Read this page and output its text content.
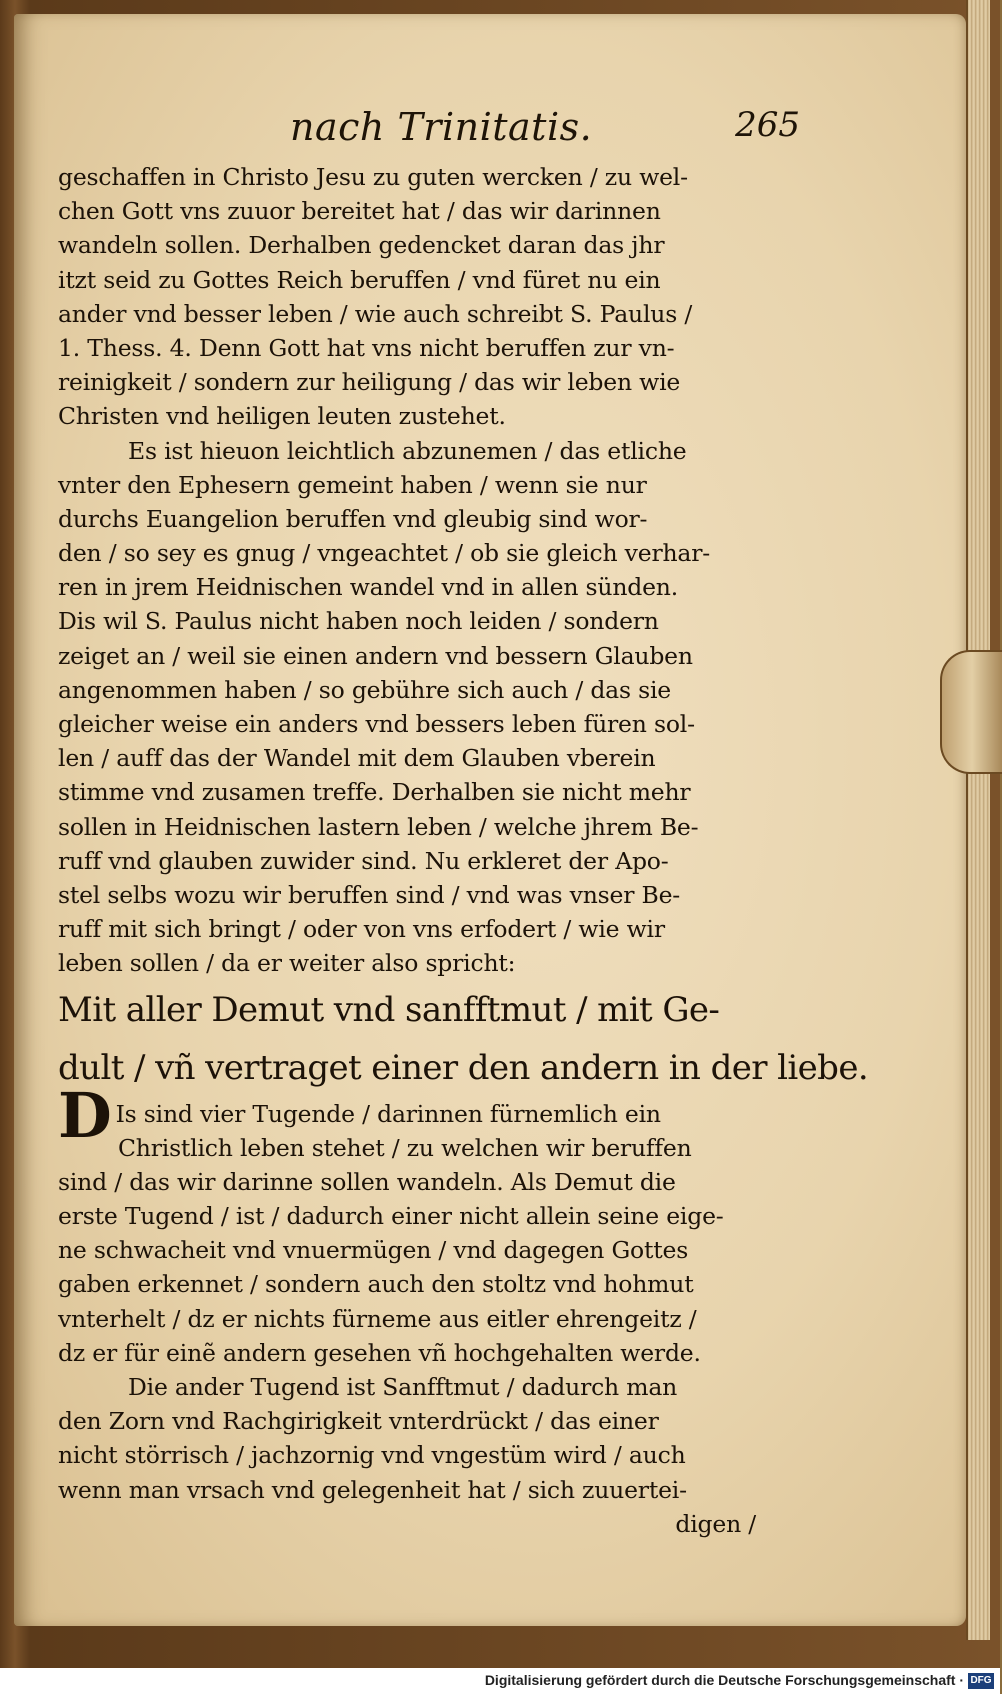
nach Trinitatis.	265
geschaffen in Christo Jesu zu guten wercken / zu wel-
chen Gott vns zuuor bereitet hat / das wir darinnen
wandeln sollen. Derhalben gedencket daran das jhr
itzt seid zu Gottes Reich beruffen / vnd füret nu ein
ander vnd besser leben / wie auch schreibt S. Paulus /
1. Thess. 4. Denn Gott hat vns nicht beruffen zur vn-
reinigkeit / sondern zur heiligung / das wir leben wie
Christen vnd heiligen leuten zustehet.
Es ist hieuon leichtlich abzunemen / das etliche
vnter den Ephesern gemeint haben / wenn sie nur
durchs Euangelion beruffen vnd gleubig sind wor-
den / so sey es gnug / vngeachtet / ob sie gleich verhar-
ren in jrem Heidnischen wandel vnd in allen sünden.
Dis wil S. Paulus nicht haben noch leiden / sondern
zeiget an / weil sie einen andern vnd bessern Glauben
angenommen haben / so gebühre sich auch / das sie
gleicher weise ein anders vnd bessers leben füren sol-
len / auff das der Wandel mit dem Glauben vberein
stimme vnd zusamen treffe. Derhalben sie nicht mehr
sollen in Heidnischen lastern leben / welche jhrem Be-
ruff vnd glauben zuwider sind. Nu erkleret der Apo-
stel selbs wozu wir beruffen sind / vnd was vnser Be-
ruff mit sich bringt / oder von vns erfodert / wie wir
leben sollen / da er weiter also spricht:
Mit aller Demut vnd sanfftmut / mit Ge-
dult / vñ vertraget einer den andern in der liebe.
D Is sind vier Tugende / darinnen fürnemlich ein
Christlich leben stehet / zu welchen wir beruffen
sind / das wir darinne sollen wandeln. Als Demut die
erste Tugend / ist / dadurch einer nicht allein seine eige-
ne schwacheit vnd vnuermügen / vnd dagegen Gottes
gaben erkennet / sondern auch den stoltz vnd hohmut
vnterhelt / dz er nichts fürneme aus eitler ehrengeitz /
dz er für einẽ andern gesehen vñ hochgehalten werde.
Die ander Tugend ist Sanfftmut / dadurch man
den Zorn vnd Rachgirigkeit vnterdrückt / das einer
nicht störrisch / jachzornig vnd vngestüm wird / auch
wenn man vrsach vnd gelegenheit hat / sich zuuertei-
digen /
Digitalisierung gefördert durch die Deutsche Forschungsgemeinschaft · DFG
